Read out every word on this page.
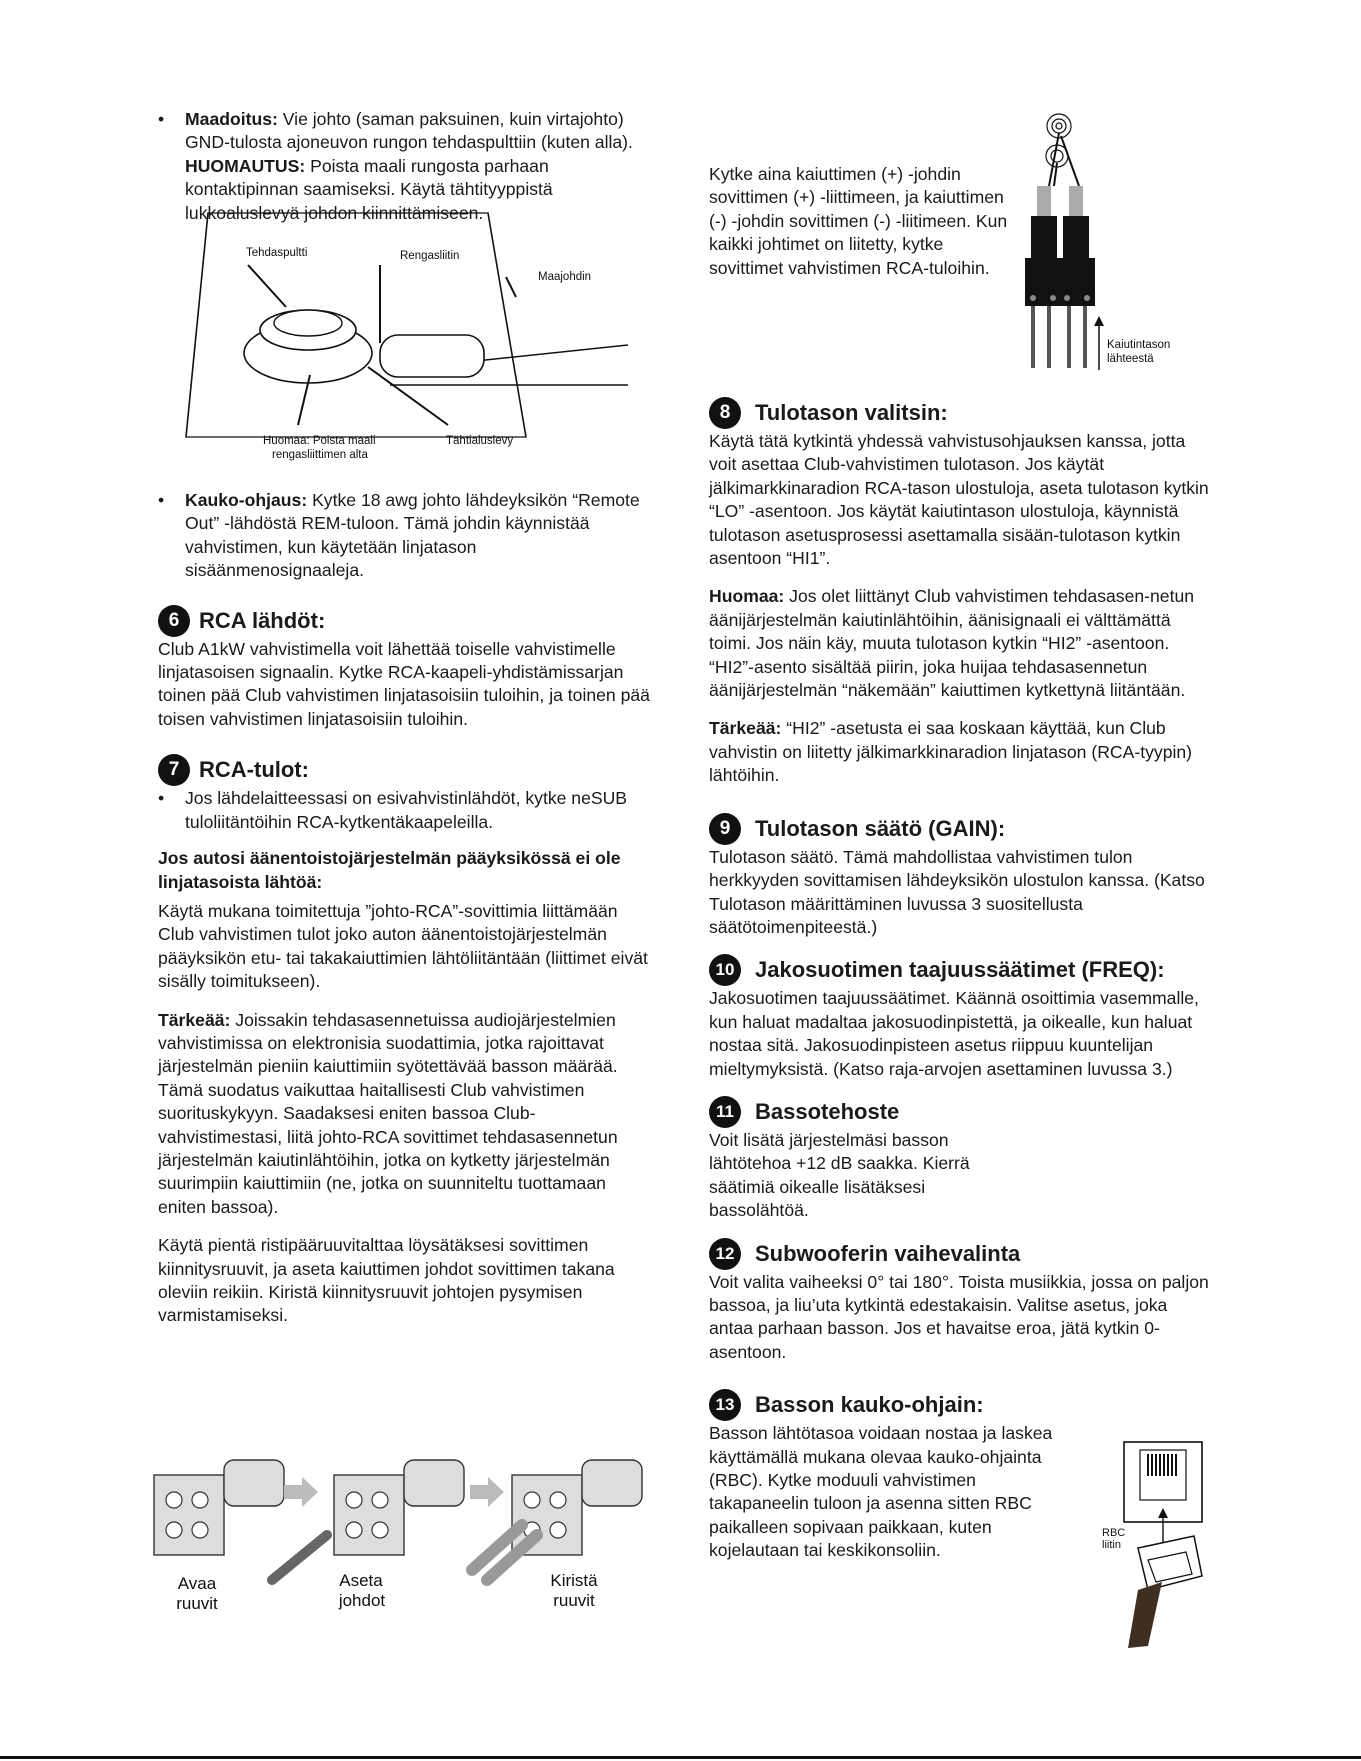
• Maadoitus: Vie johto (saman paksuinen, kuin virtajohto) GND-tulosta ajoneuvon rungon tehdaspulttiin (kuten alla). HUOMAUTUS: Poista maali rungosta parhaan kontaktipinnan saamiseksi. Käytä tähtityyppistä lukkoaluslevyä johdon kiinnittämiseen.

Tehdaspultti	Rengasliitin
Maajohdin
Huomaa: Poista maali
rengasliittimen alta
Tähtialuslevy

• Kauko-ohjaus: Kytke 18 awg johto lähdeyksikön “Remote Out” -lähdöstä REM-tuloon. Tämä johdin käynnistää vahvistimen, kun käytetään linjatason sisäänmenosignaaleja.

6 RCA lähdöt:

Club A1kW vahvistimella voit lähettää toiselle vahvistimelle linjatasoisen signaalin. Kytke RCA-kaapeli-yhdistämissarjan toinen pää Club vahvistimen linjatasoisiin tuloihin, ja toinen pää toisen vahvistimen linjatasoisiin tuloihin.

7 RCA-tulot:

• Jos lähdelaitteessasi on esivahvistinlähdöt, kytke neSUB tuloliitäntöihin RCA-kytkentäkaapeleilla.

Jos autosi äänentoistojärjestelmän pääyksikössä ei ole linjatasoista lähtöä:

Käytä mukana toimitettuja ”johto-RCA”-sovittimia liittämään Club vahvistimen tulot joko auton äänentoistojärjestelmän pääyksikön etu- tai takakaiuttimien lähtöliitäntään (liittimet eivät sisälly toimitukseen).

Tärkeää: Joissakin tehdasasennetuissa audiojärjestelmien vahvistimissa on elektronisia suodattimia, jotka rajoittavat järjestelmän pieniin kaiuttimiin syötettävää basson määrää. Tämä suodatus vaikuttaa haitallisesti Club vahvistimen suorituskykyyn. Saadaksesi eniten bassoa Club-vahvistimestasi, liitä johto-RCA sovittimet tehdasasennetun järjestelmän kaiutinlähtöihin, jotka on kytketty järjestelmän suurimpiin kaiuttimiin (ne, jotka on suunniteltu tuottamaan eniten bassoa).

Käytä pientä ristipääruuvitalttaa löysätäksesi sovittimen kiinnitysruuvit, ja aseta kaiuttimen johdot sovittimen takana oleviin reikiin. Kiristä kiinnitysruuvit johtojen pysymisen varmistamiseksi.

Avaa
ruuvit
Aseta
johdot
Kiristä
ruuvit

Kytke aina kaiuttimen (+) -johdin sovittimen (+) -liittimeen, ja kaiuttimen (-) -johdin sovittimen (-) -liitimeen. Kun kaikki johtimet on liitetty, kytke sovittimet vahvistimen RCA-tuloihin.

Kaiutintason
lähteestä
8	Tulotason valitsin:

Käytä tätä kytkintä yhdessä vahvistusohjauksen kanssa, jotta voit asettaa Club-vahvistimen tulotason. Jos käytät jälkimarkkinaradion RCA-tason ulostuloja, aseta tulotason kytkin “LO” -asentoon. Jos käytät kaiutintason ulostuloja, käynnistä tulotason asetusprosessi asettamalla sisään-tulotason kytkin asentoon “HI1”.

Huomaa: Jos olet liittänyt Club vahvistimen tehdasasen-netun äänijärjestelmän kaiutinlähtöihin, äänisignaali ei välttämättä toimi. Jos näin käy, muuta tulotason kytkin “HI2” -asentoon. “HI2”-asento sisältää piirin, joka huijaa tehdasasennetun äänijärjestelmän “näkemään” kaiuttimen kytkettynä liitäntään.

Tärkeää: “HI2” -asetusta ei saa koskaan käyttää, kun Club vahvistin on liitetty jälkimarkkinaradion linjatason (RCA-tyypin) lähtöihin.

9	Tulotason säätö (GAIN):

Tulotason säätö. Tämä mahdollistaa vahvistimen tulon herkkyyden sovittamisen lähdeyksikön ulostulon kanssa. (Katso Tulotason määrittäminen luvussa 3 suositellusta säätötoimenpiteestä.)

10 Jakosuotimen taajuussäätimet (FREQ):

Jakosuotimen taajuussäätimet. Käännä osoittimia vasemmalle, kun haluat madaltaa jakosuodinpistettä, ja oikealle, kun haluat nostaa sitä. Jakosuodinpisteen asetus riippuu kuuntelijan mieltymyksistä. (Katso raja-arvojen asettaminen luvussa 3.)

11 Bassotehoste

Voit lisätä järjestelmäsi basson lähtötehoa +12 dB saakka. Kierrä säätimiä oikealle lisätäksesi bassolähtöä.

12 Subwooferin vaihevalinta

Voit valita vaiheeksi 0° tai 180°. Toista musiikkia, jossa on paljon bassoa, ja liu’uta kytkintä edestakaisin. Valitse asetus, joka antaa parhaan basson. Jos et havaitse eroa, jätä kytkin 0-asentoon.

13 Basson kauko-ohjain:

Basson lähtötasoa voidaan nostaa ja laskea käyttämällä mukana olevaa kauko-ohjainta (RBC). Kytke moduuli vahvistimen takapaneelin tuloon ja asenna sitten RBC paikalleen sopivaan paikkaan, kuten kojelautaan tai keskikonsoliin.

RBC
liitin
